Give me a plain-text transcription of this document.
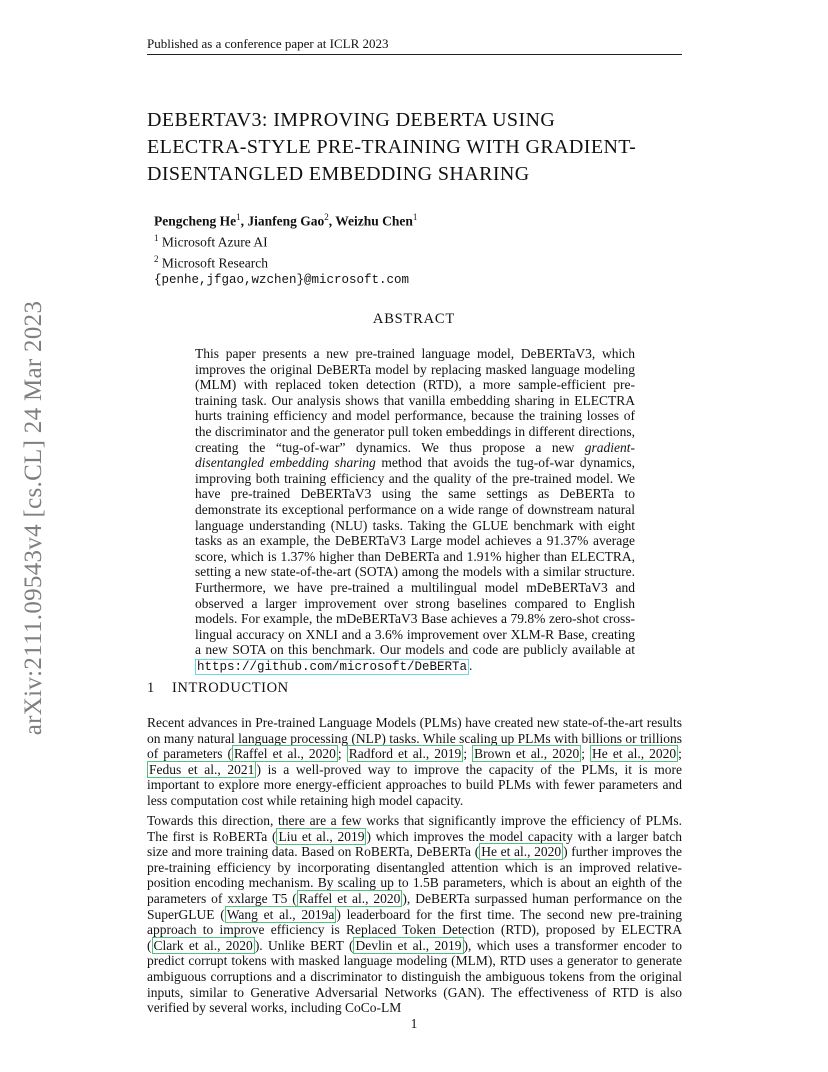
Published as a conference paper at ICLR 2023
arXiv:2111.09543v4 [cs.CL] 24 Mar 2023
DEBERTAV3: IMPROVING DEBERTA USING
ELECTRA-STYLE PRE-TRAINING WITH GRADIENT-
DISENTANGLED EMBEDDING SHARING
Pengcheng He$^1$, Jianfeng Gao$^2$, Weizhu Chen$^1$
$^1$ Microsoft Azure AI
$^2$ Microsoft Research
{penhe,jfgao,wzchen}@microsoft.com
ABSTRACT
This paper presents a new pre-trained language model, DeBERTaV3, which improves the original DeBERTa model by replacing masked language modeling (MLM) with replaced token detection (RTD), a more sample-efficient pre-training task. Our analysis shows that vanilla embedding sharing in ELECTRA hurts training efficiency and model performance, because the training losses of the discriminator and the generator pull token embeddings in different directions, creating the “tug-of-war” dynamics. We thus propose a new gradient-disentangled embedding sharing method that avoids the tug-of-war dynamics, improving both training efficiency and the quality of the pre-trained model. We have pre-trained DeBERTaV3 using the same settings as DeBERTa to demonstrate its exceptional performance on a wide range of downstream natural language understanding (NLU) tasks. Taking the GLUE benchmark with eight tasks as an example, the DeBERTaV3 Large model achieves a 91.37% average score, which is 1.37% higher than DeBERTa and 1.91% higher than ELECTRA, setting a new state-of-the-art (SOTA) among the models with a similar structure. Furthermore, we have pre-trained a multilingual model mDeBERTaV3 and observed a larger improvement over strong baselines compared to English models. For example, the mDeBERTaV3 Base achieves a 79.8% zero-shot cross-lingual accuracy on XNLI and a 3.6% improvement over XLM-R Base, creating a new SOTA on this benchmark. Our models and code are publicly available at https://github.com/microsoft/DeBERTa .
1 INTRODUCTION
Recent advances in Pre-trained Language Models (PLMs) have created new state-of-the-art results on many natural language processing (NLP) tasks. While scaling up PLMs with billions or trillions of parameters ( Raffel et al., 2020 ; Radford et al., 2019 ; Brown et al., 2020 ; He et al., 2020 ; Fedus et al., 2021 ) is a well-proved way to improve the capacity of the PLMs, it is more important to explore more energy-efficient approaches to build PLMs with fewer parameters and less computation cost while retaining high model capacity.
Towards this direction, there are a few works that significantly improve the efficiency of PLMs. The first is RoBERTa ( Liu et al., 2019 ) which improves the model capacity with a larger batch size and more training data. Based on RoBERTa, DeBERTa ( He et al., 2020 ) further improves the pre-training efficiency by incorporating disentangled attention which is an improved relative-position encoding mechanism. By scaling up to 1.5B parameters, which is about an eighth of the parameters of xxlarge T5 ( Raffel et al., 2020 ), DeBERTa surpassed human performance on the SuperGLUE ( Wang et al., 2019a ) leaderboard for the first time. The second new pre-training approach to improve efficiency is Replaced Token Detection (RTD), proposed by ELECTRA ( Clark et al., 2020 ). Unlike BERT ( Devlin et al., 2019 ), which uses a transformer encoder to predict corrupt tokens with masked language modeling (MLM), RTD uses a generator to generate ambiguous corruptions and a discriminator to distinguish the ambiguous tokens from the original inputs, similar to Generative Adversarial Networks (GAN). The effectiveness of RTD is also verified by several works, including CoCo-LM
1
